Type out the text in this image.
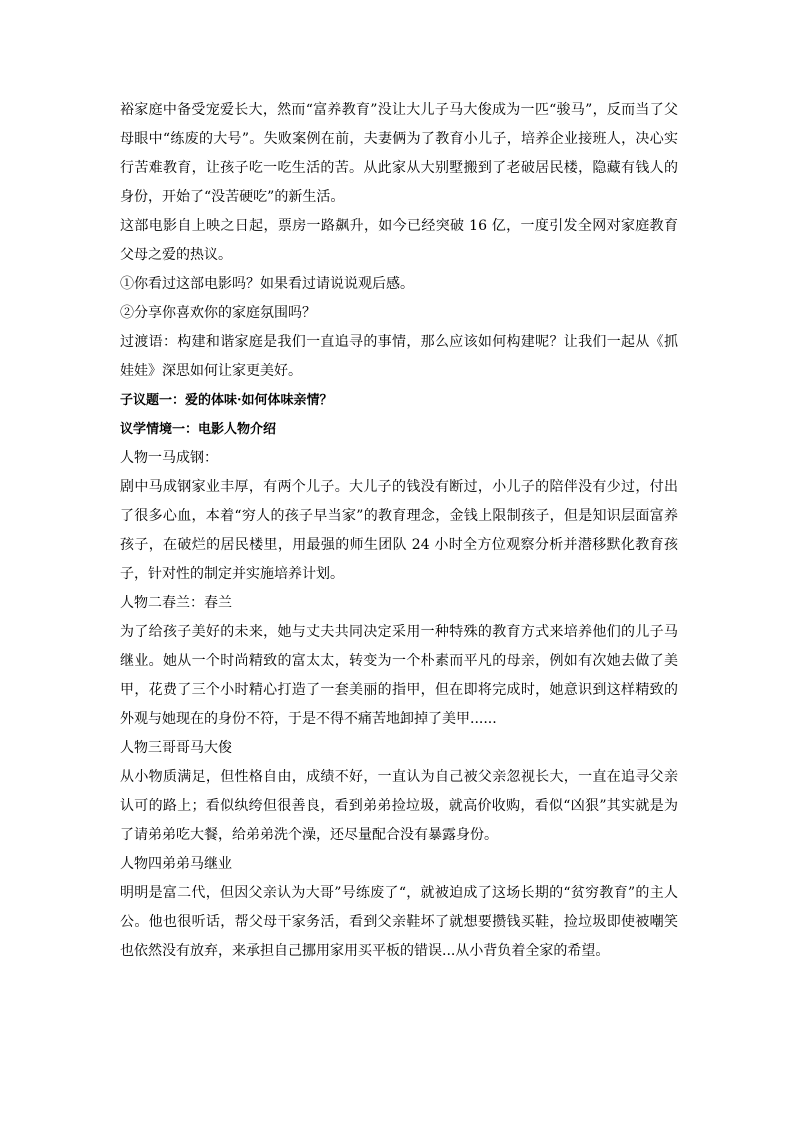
裕家庭中备受宠爱长大，然而“富养教育”没让大儿子马大俊成为一匹“骏马”，反而当了父母眼中“练废的大号”。失败案例在前，夫妻俩为了教育小儿子，培养企业接班人，决心实行苦难教育，让孩子吃一吃生活的苦。从此家从大别墅搬到了老破居民楼，隐藏有钱人的身份，开始了“没苦硬吃”的新生活。

这部电影自上映之日起，票房一路飙升，如今已经突破 16 亿，一度引发全网对家庭教育父母之爱的热议。

①你看过这部电影吗？如果看过请说说观后感。

②分享你喜欢你的家庭氛围吗？

过渡语：构建和谐家庭是我们一直追寻的事情，那么应该如何构建呢？让我们一起从《抓娃娃》深思如何让家更美好。

子议题一：爱的体味·如何体味亲情？

议学情境一：电影人物介绍

人物一马成钢：

剧中马成钢家业丰厚，有两个儿子。大儿子的钱没有断过，小儿子的陪伴没有少过，付出了很多心血，本着“穷人的孩子早当家”的教育理念，金钱上限制孩子，但是知识层面富养孩子，在破烂的居民楼里，用最强的师生团队 24 小时全方位观察分析并潜移默化教育孩子，针对性的制定并实施培养计划。

人物二春兰：春兰

为了给孩子美好的未来，她与丈夫共同决定采用一种特殊的教育方式来培养他们的儿子马继业。她从一个时尚精致的富太太，转变为一个朴素而平凡的母亲，例如有次她去做了美甲，花费了三个小时精心打造了一套美丽的指甲，但在即将完成时，她意识到这样精致的外观与她现在的身份不符，于是不得不痛苦地卸掉了美甲......

人物三哥哥马大俊

从小物质满足，但性格自由，成绩不好，一直认为自己被父亲忽视长大，一直在追寻父亲认可的路上；看似纨绔但很善良，看到弟弟捡垃圾，就高价收购，看似“凶狠”其实就是为了请弟弟吃大餐，给弟弟洗个澡，还尽量配合没有暴露身份。

人物四弟弟马继业

明明是富二代，但因父亲认为大哥”号练废了“，就被迫成了这场长期的“贫穷教育”的主人公。他也很听话，帮父母干家务活，看到父亲鞋坏了就想要攒钱买鞋，捡垃圾即使被嘲笑也依然没有放弃，来承担自己挪用家用买平板的错误...从小背负着全家的希望。
